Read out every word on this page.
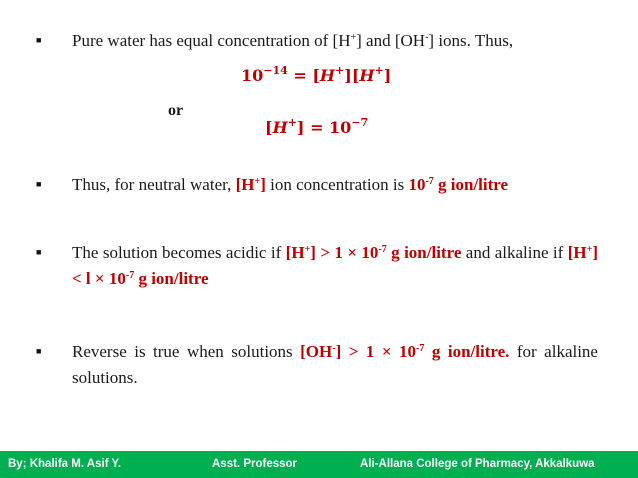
■ Pure water has equal concentration of [H+] and [OH-] ions. Thus,
$10^{-14} = [H^+][H^+]$
or
$[H^+] = 10^{-7}$
■ Thus, for neutral water, [H+] ion concentration is $10^{-7}$ g ion/litre
■ The solution becomes acidic if $[H^+] > 1 \times 10^{-7}$ g ion/litre and alkaline if $[H^+] < l \times 10^{-7}$ g ion/litre
■ Reverse is true when solutions $[OH^-] > 1 \times 10^{-7}$ g ion/litre. for alkaline solutions.
By; Khalifa M. Asif Y.	Asst. Professor	Ali-Allana College of Pharmacy, Akkalkuwa
